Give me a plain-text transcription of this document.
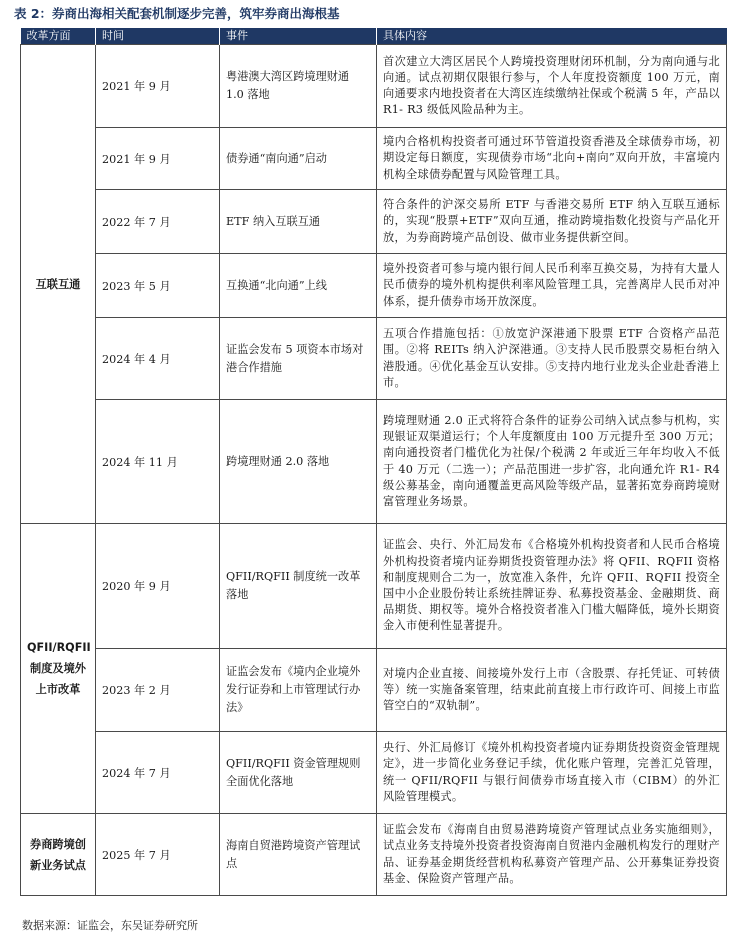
表 2：券商出海相关配套机制逐步完善，筑牢券商出海根基
改革方面	时间	事件	具体内容
互联互通	2021 年 9 月	粤港澳大湾区跨境理财通 1.0 落地	首次建立大湾区居民个人跨境投资理财闭环机制，分为南向通与北向通。试点初期仅限银行参与，个人年度投资额度 100 万元，南向通要求内地投资者在大湾区连续缴纳社保或个税满 5 年，产品以 R1- R3 级低风险品种为主。
	2021 年 9 月	债券通“南向通”启动	境内合格机构投资者可通过环节管道投资香港及全球债券市场，初期设定每日额度，实现债券市场“北向+南向”双向开放，丰富境内机构全球债券配置与风险管理工具。
	2022 年 7 月	ETF 纳入互联互通	符合条件的沪深交易所 ETF 与香港交易所 ETF 纳入互联互通标的，实现“股票+ETF”双向互通，推动跨境指数化投资与产品化开放，为券商跨境产品创设、做市业务提供新空间。
	2023 年 5 月	互换通“北向通”上线	境外投资者可参与境内银行间人民币利率互换交易，为持有大量人民币债券的境外机构提供利率风险管理工具，完善离岸人民币对冲体系，提升债券市场开放深度。
	2024 年 4 月	证监会发布 5 项资本市场对港合作措施	五项合作措施包括：①放宽沪深港通下股票 ETF 合资格产品范围。②将 REITs 纳入沪深港通。③支持人民币股票交易柜台纳入港股通。④优化基金互认安排。⑤支持内地行业龙头企业赴香港上市。
	2024 年 11 月	跨境理财通 2.0 落地	跨境理财通 2.0 正式将符合条件的证券公司纳入试点参与机构，实现银证双渠道运行；个人年度额度由 100 万元提升至 300 万元；南向通投资者门槛优化为社保/个税满 2 年或近三年年均收入不低于 40 万元（二选一）；产品范围进一步扩容，北向通允许 R1- R4 级公募基金，南向通覆盖更高风险等级产品，显著拓宽券商跨境财富管理业务场景。
QFII/RQFII 制度及境外上市改革	2020 年 9 月	QFII/RQFII 制度统一改革落地	证监会、央行、外汇局发布《合格境外机构投资者和人民币合格境外机构投资者境内证券期货投资管理办法》将 QFII、RQFII 资格和制度规则合二为一，放宽准入条件，允许 QFII、RQFII 投资全国中小企业股份转让系统挂牌证券、私募投资基金、金融期货、商品期货、期权等。境外合格投资者准入门槛大幅降低，境外长期资金入市便利性显著提升。
	2023 年 2 月	证监会发布《境内企业境外发行证券和上市管理试行办法》	对境内企业直接、间接境外发行上市（含股票、存托凭证、可转债等）统一实施备案管理，结束此前直接上市行政许可、间接上市监管空白的“双轨制”。
	2024 年 7 月	QFII/RQFII 资金管理规则全面优化落地	央行、外汇局修订《境外机构投资者境内证券期货投资资金管理规定》，进一步简化业务登记手续，优化账户管理，完善汇兑管理，统一 QFII/RQFII 与银行间债券市场直接入市（CIBM）的外汇风险管理模式。
券商跨境创新业务试点	2025 年 7 月	海南自贸港跨境资产管理试点	证监会发布《海南自由贸易港跨境资产管理试点业务实施细则》，试点业务支持境外投资者投资海南自贸港内金融机构发行的理财产品、证券基金期货经营机构私募资产管理产品、公开募集证券投资基金、保险资产管理产品。
数据来源：证监会，东吴证券研究所
